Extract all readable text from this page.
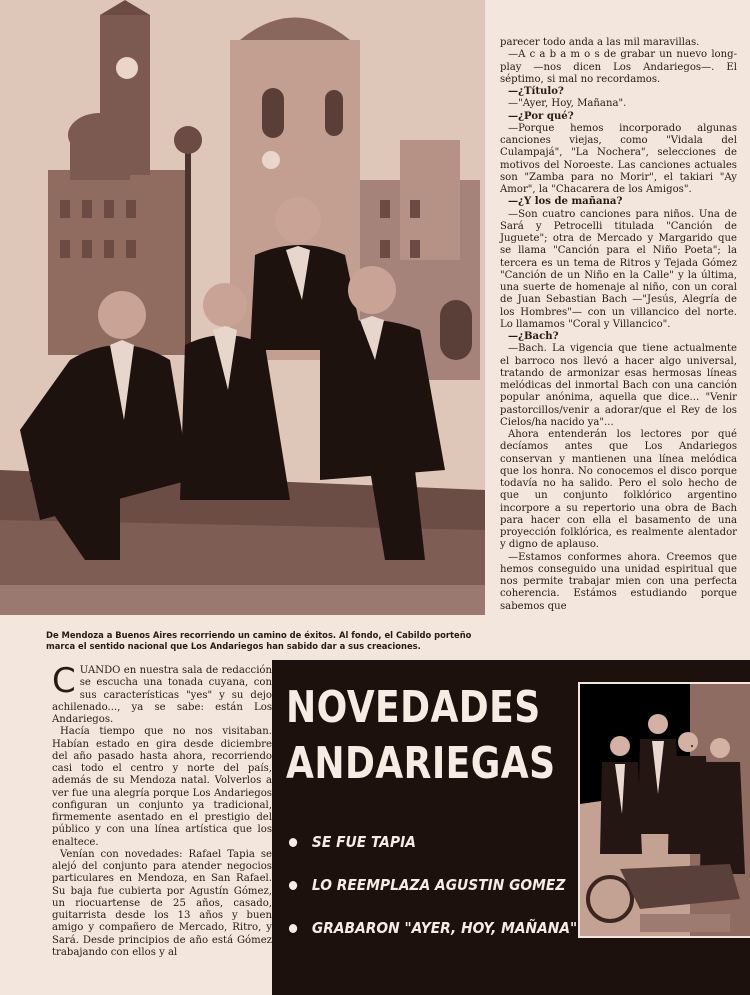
De Mendoza a Buenos Aires recorriendo un camino de éxitos. Al fondo, el Cabildo porteño marca el sentido nacional que Los Andariegos han sabido dar a sus creaciones.

parecer todo anda a las mil maravillas.

—A c a b a m o s de grabar un nuevo long-play —nos dicen Los Andariegos—. El séptimo, si mal no recordamos.

—¿Título?

—"Ayer, Hoy, Mañana".

—¿Por qué?

—Porque hemos incorporado algunas canciones viejas, como "Vidala del Culampajá", "La Nochera", selecciones de motivos del Noroeste. Las canciones actuales son "Zamba para no Morir", el takiari "Ay Amor", la "Chacarera de los Amigos".

—¿Y los de mañana?

—Son cuatro canciones para niños. Una de Sará y Petrocelli titulada "Canción de Juguete"; otra de Mercado y Margarido que se llama "Canción para el Niño Poeta"; la tercera es un tema de Ritros y Tejada Gómez "Canción de un Niño en la Calle" y la última, una suerte de homenaje al niño, con un coral de Juan Sebastian Bach —"Jesús, Alegría de los Hombres"— con un villancico del norte. Lo llamamos "Coral y Villancico".

—¿Bach?

—Bach. La vigencia que tiene actualmente el barroco nos llevó a hacer algo universal, tratando de armonizar esas hermosas líneas melódicas del inmortal Bach con una canción popular anónima, aquella que dice... "Venir pastorcillos/venir a adorar/que el Rey de los Cielos/ha nacido ya"...

Ahora entenderán los lectores por qué decíamos antes que Los Andariegos conservan y mantienen una línea melódica que los honra. No conocemos el disco porque todavía no ha salido. Pero el solo hecho de que un conjunto folklórico argentino incorpore a su repertorio una obra de Bach para hacer con ella el basamento de una proyección folklórica, es realmente alentador y digno de aplauso.

—Estamos conformes ahora. Creemos que hemos conseguido una unidad espiritual que nos permite trabajar mien con una perfecta coherencia. Estámos estudiando porque sabemos que

CUANDO en nuestra sala de redacción se escucha una tonada cuyana, con sus características "yes" y su dejo achilenado..., ya se sabe: están Los Andariegos.

Hacía tiempo que no nos visitaban. Habían estado en gira desde diciembre del año pasado hasta ahora, recorriendo casi todo el centro y norte del país, además de su Mendoza natal. Volverlos a ver fue una alegría porque Los Andariegos configuran un conjunto ya tradicional, firmemente asentado en el prestigio del público y con una línea artística que los enaltece.

Venían con novedades: Rafael Tapia se alejó del conjunto para atender negocios particulares en Mendoza, en San Rafael. Su baja fue cubierta por Agustín Gómez, un riocuartense de 25 años, casado, guitarrista desde los 13 años y buen amigo y compañero de Mercado, Ritro, y Sará. Desde principios de año está Gómez trabajando con ellos y al

NOVEDADES
ANDARIEGAS
SE FUE TAPIA
LO REEMPLAZA AGUSTIN GOMEZ
GRABARON "AYER, HOY, MAÑANA"
